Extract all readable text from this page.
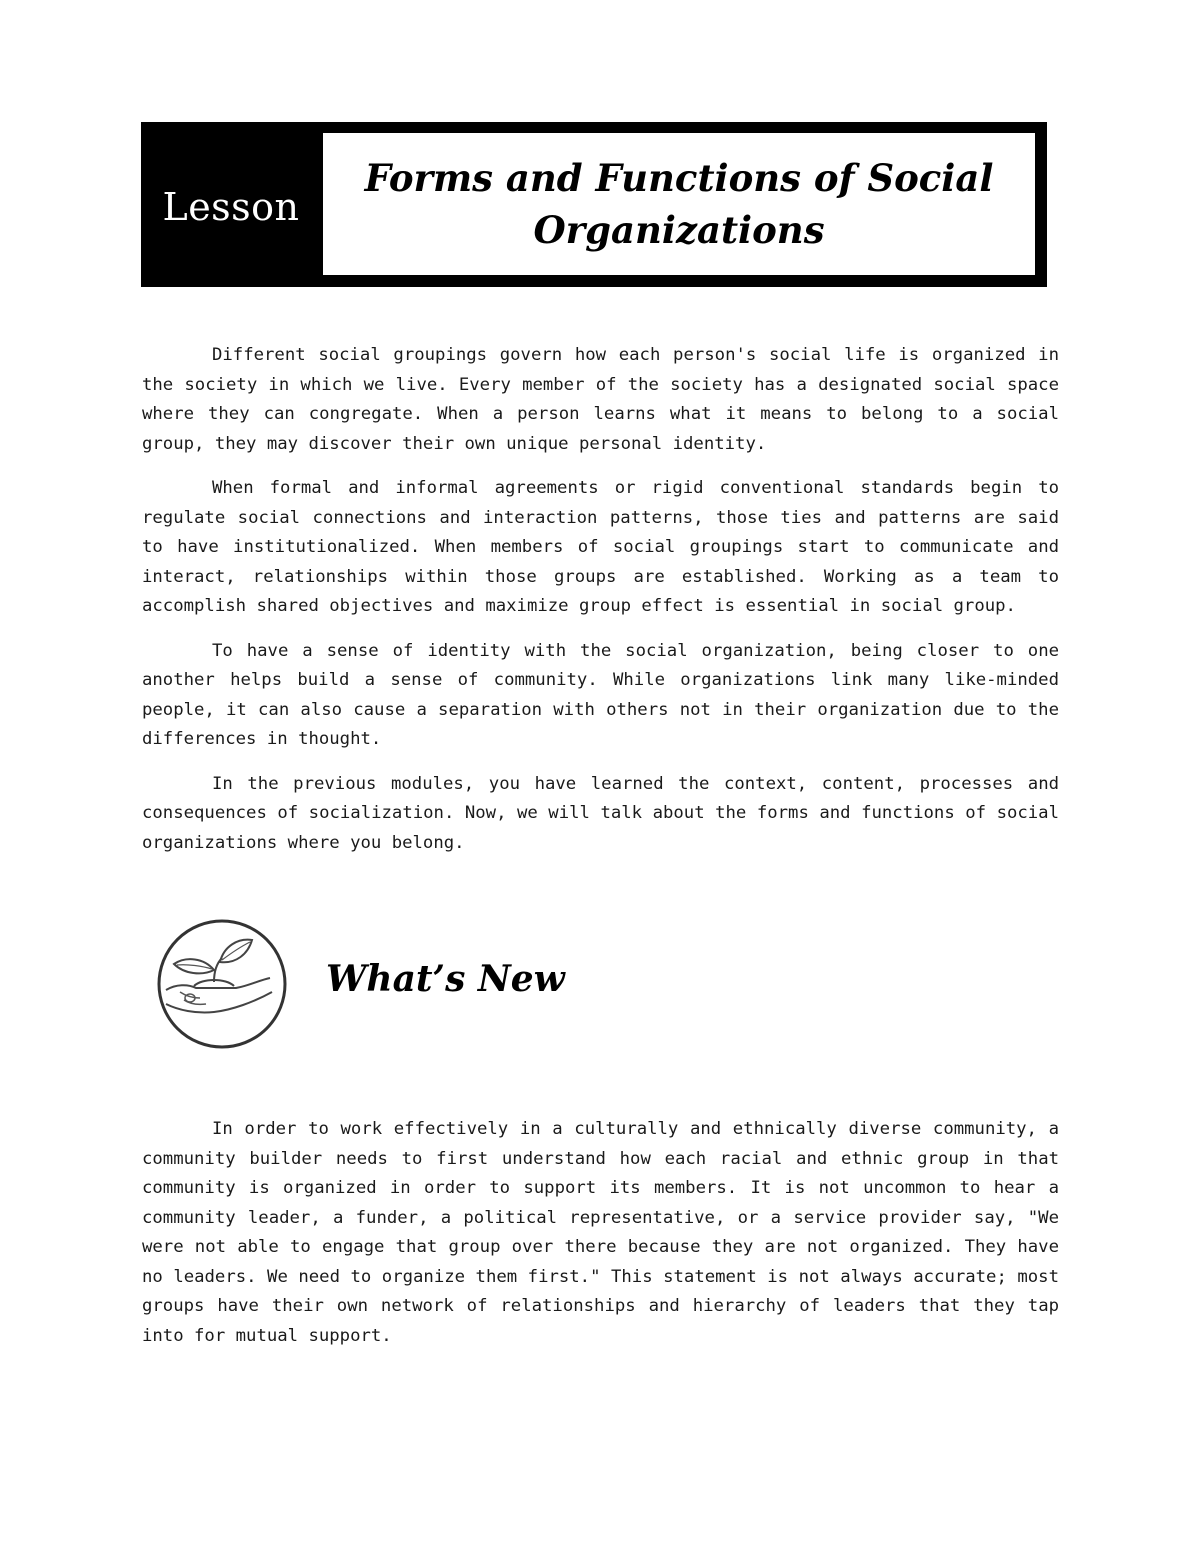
Lesson
Forms and Functions of Social
Organizations

Different social groupings govern how each person's social life is organized in the society in which we live. Every member of the society has a designated social space where they can congregate. When a person learns what it means to belong to a social group, they may discover their own unique personal identity.

When formal and informal agreements or rigid conventional standards begin to regulate social connections and interaction patterns, those ties and patterns are said to have institutionalized. When members of social groupings start to communicate and interact, relationships within those groups are established. Working as a team to accomplish shared objectives and maximize group effect is essential in social group.

To have a sense of identity with the social organization, being closer to one another helps build a sense of community. While organizations link many like-minded people, it can also cause a separation with others not in their organization due to the differences in thought.

In the previous modules, you have learned the context, content, processes and consequences of socialization. Now, we will talk about the forms and functions of social organizations where you belong.

What’s New

In order to work effectively in a culturally and ethnically diverse community, a community builder needs to first understand how each racial and ethnic group in that community is organized in order to support its members. It is not uncommon to hear a community leader, a funder, a political representative, or a service provider say, "We were not able to engage that group over there because they are not organized. They have no leaders. We need to organize them first." This statement is not always accurate; most groups have their own network of relationships and hierarchy of leaders that they tap into for mutual support.
